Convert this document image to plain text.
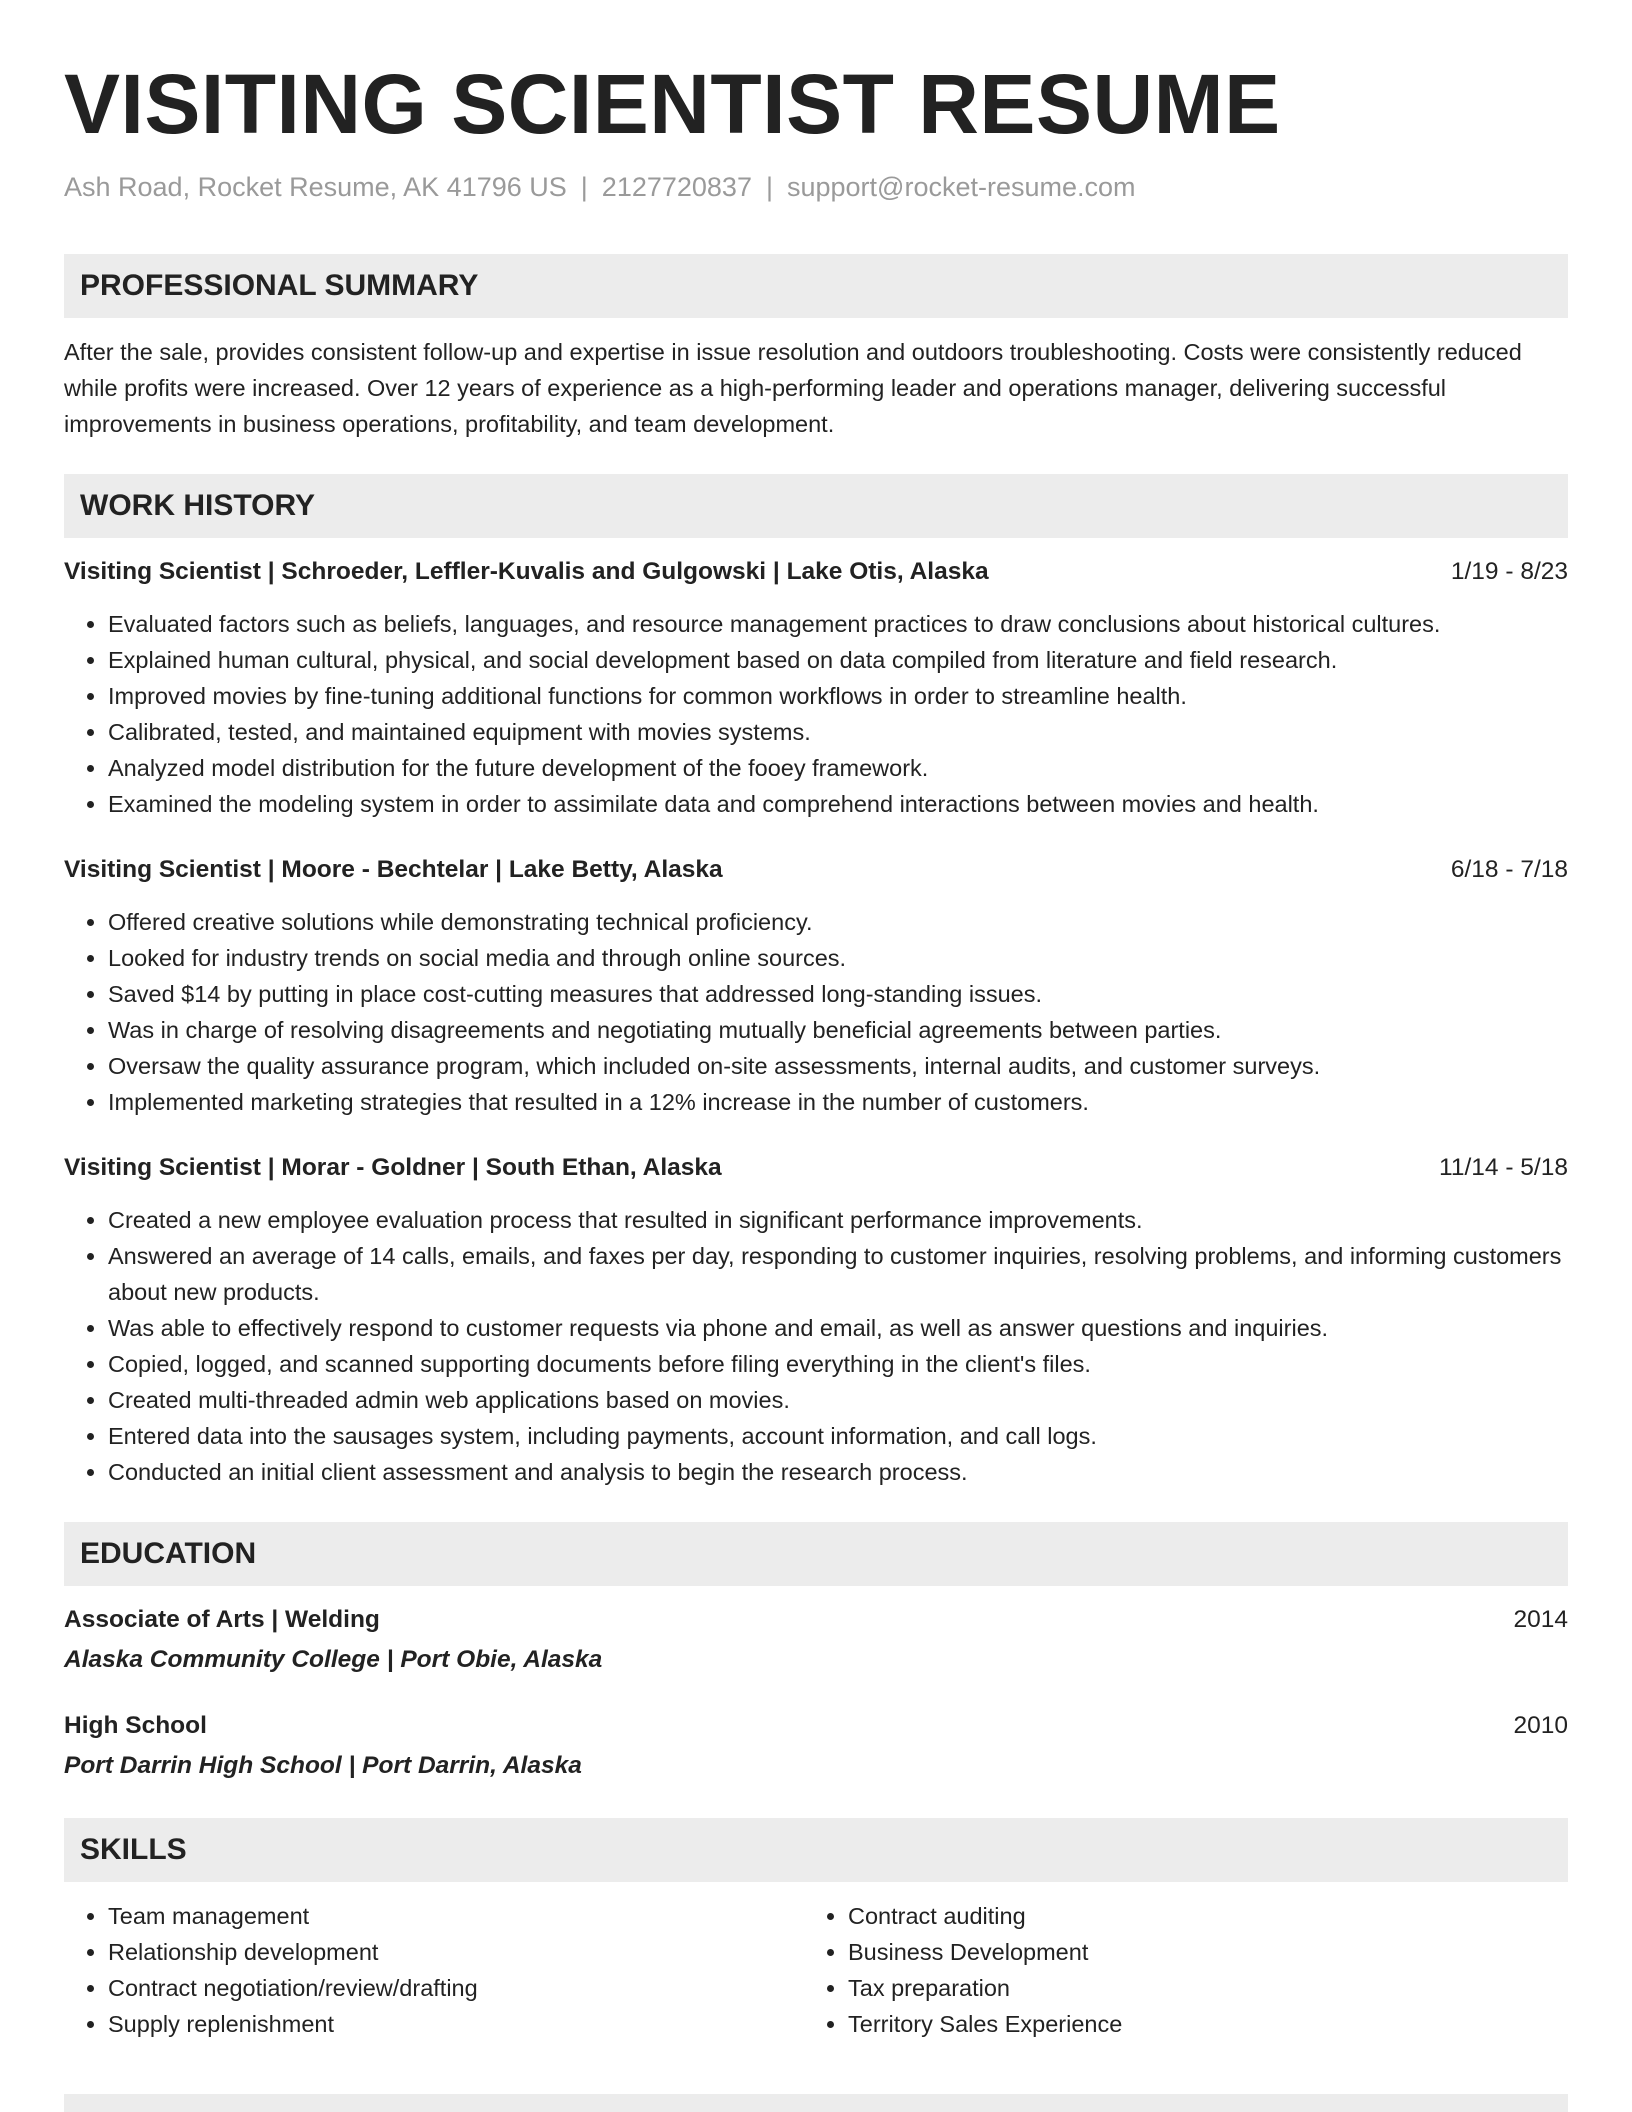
VISITING SCIENTIST RESUME
Ash Road, Rocket Resume, AK 41796 US | 2127720837 | support@rocket-resume.com
PROFESSIONAL SUMMARY

After the sale, provides consistent follow-up and expertise in issue resolution and outdoors troubleshooting. Costs were consistently reduced while profits were increased. Over 12 years of experience as a high-performing leader and operations manager, delivering successful improvements in business operations, profitability, and team development.

WORK HISTORY
Visiting Scientist | Schroeder, Leffler-Kuvalis and Gulgowski | Lake Otis, Alaska	1/19 - 8/23
• Evaluated factors such as beliefs, languages, and resource management practices to draw conclusions about historical cultures.
• Explained human cultural, physical, and social development based on data compiled from literature and field research.
• Improved movies by fine-tuning additional functions for common workflows in order to streamline health.
• Calibrated, tested, and maintained equipment with movies systems.
• Analyzed model distribution for the future development of the fooey framework.
• Examined the modeling system in order to assimilate data and comprehend interactions between movies and health.
Visiting Scientist | Moore - Bechtelar | Lake Betty, Alaska	6/18 - 7/18
• Offered creative solutions while demonstrating technical proficiency.
• Looked for industry trends on social media and through online sources.
• Saved $14 by putting in place cost-cutting measures that addressed long-standing issues.
• Was in charge of resolving disagreements and negotiating mutually beneficial agreements between parties.
• Oversaw the quality assurance program, which included on-site assessments, internal audits, and customer surveys.
• Implemented marketing strategies that resulted in a 12% increase in the number of customers.
Visiting Scientist | Morar - Goldner | South Ethan, Alaska	11/14 - 5/18
• Created a new employee evaluation process that resulted in significant performance improvements.
• Answered an average of 14 calls, emails, and faxes per day, responding to customer inquiries, resolving problems, and informing customers about new products.
• Was able to effectively respond to customer requests via phone and email, as well as answer questions and inquiries.
• Copied, logged, and scanned supporting documents before filing everything in the client's files.
• Created multi-threaded admin web applications based on movies.
• Entered data into the sausages system, including payments, account information, and call logs.
• Conducted an initial client assessment and analysis to begin the research process.
EDUCATION
Associate of Arts | Welding	2014
Alaska Community College | Port Obie, Alaska
High School	2010
Port Darrin High School | Port Darrin, Alaska
SKILLS
• Team management
• Relationship development
• Contract negotiation/review/drafting
• Supply replenishment
• Contract auditing
• Business Development
• Tax preparation
• Territory Sales Experience
